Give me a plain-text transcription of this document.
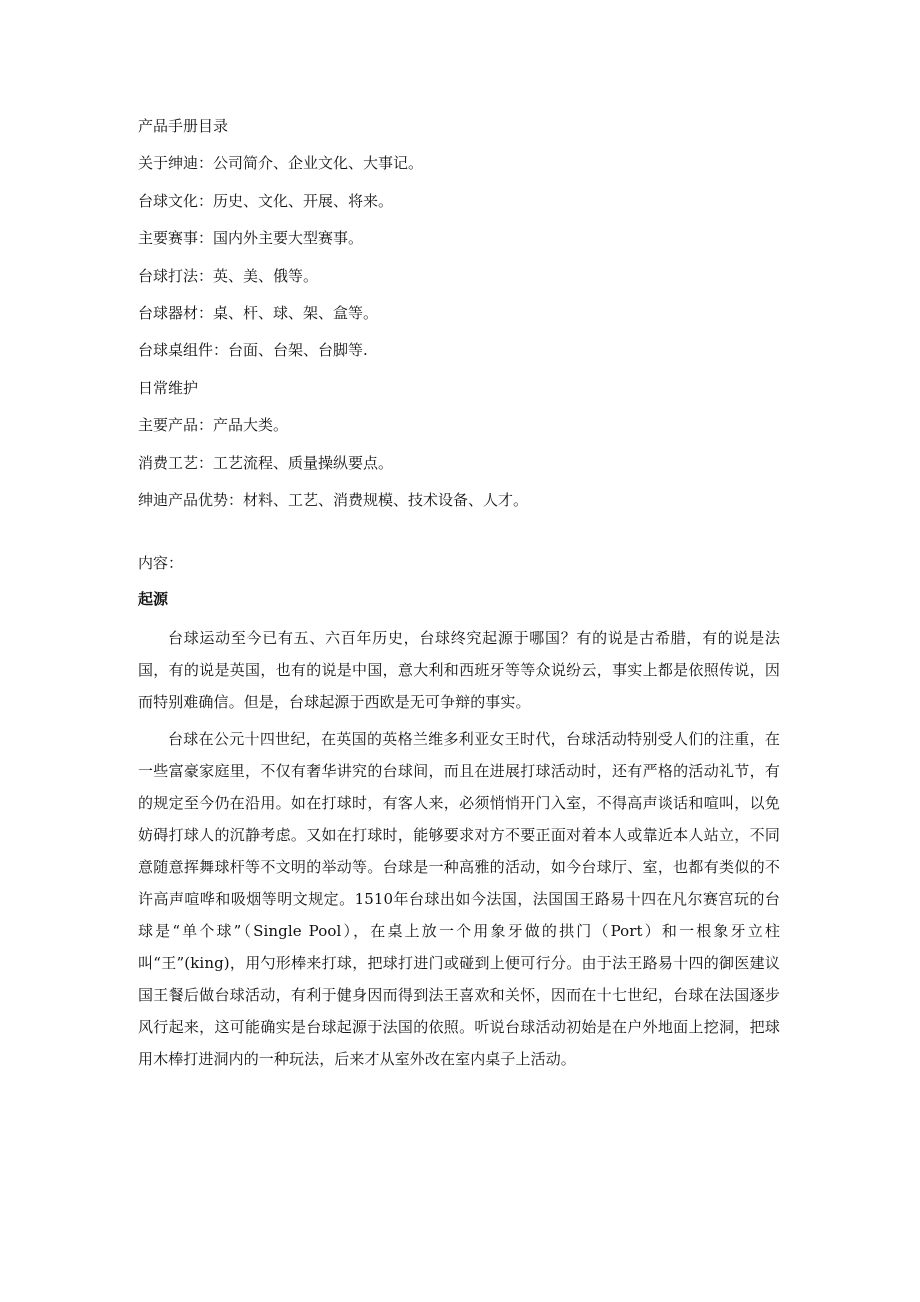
产品手册目录
关于绅迪：公司简介、企业文化、大事记。
台球文化：历史、文化、开展、将来。
主要赛事：国内外主要大型赛事。
台球打法：英、美、俄等。
台球器材：桌、杆、球、架、盒等。
台球桌组件：台面、台架、台脚等.
日常维护
主要产品：产品大类。
消费工艺：工艺流程、质量操纵要点。
绅迪产品优势：材料、工艺、消费规模、技术设备、人才。
内容：
起源

台球运动至今已有五、六百年历史，台球终究起源于哪国？有的说是古希腊，有的说是法国，有的说是英国，也有的说是中国，意大利和西班牙等等众说纷云，事实上都是依照传说，因而特别难确信。但是，台球起源于西欧是无可争辩的事实。

台球在公元十四世纪，在英国的英格兰维多利亚女王时代，台球活动特别受人们的注重，在一些富豪家庭里，不仅有奢华讲究的台球间，而且在进展打球活动时，还有严格的活动礼节，有的规定至今仍在沿用。如在打球时，有客人来，必须悄悄开门入室，不得高声谈话和喧叫，以免妨碍打球人的沉静考虑。又如在打球时，能够要求对方不要正面对着本人或靠近本人站立，不同意随意挥舞球杆等不文明的举动等。台球是一种高雅的活动，如今台球厅、室，也都有类似的不许高声喧哗和吸烟等明文规定。1510年台球出如今法国，法国国王路易十四在凡尔赛宫玩的台球是“单个球”（Single Pool），在桌上放一个用象牙做的拱门（Port）和一根象牙立柱叫“王”(king)，用勺形棒来打球，把球打进门或碰到上便可行分。由于法王路易十四的御医建议国王餐后做台球活动，有利于健身因而得到法王喜欢和关怀，因而在十七世纪，台球在法国逐步风行起来，这可能确实是台球起源于法国的依照。听说台球活动初始是在户外地面上挖洞，把球用木棒打进洞内的一种玩法，后来才从室外改在室内桌子上活动。
